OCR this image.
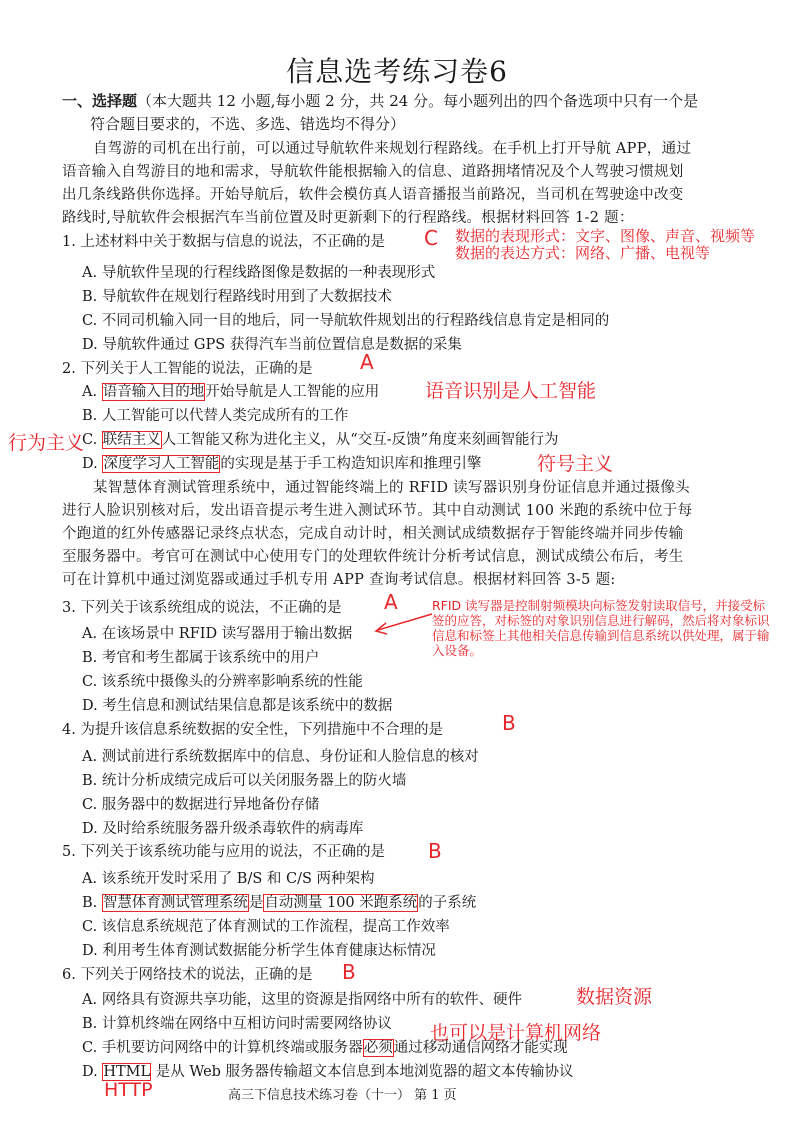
信息选考练习卷6
一、选择题（本大题共 12 小题,每小题 2 分，共 24 分。每小题列出的四个备选项中只有一个是
符合题目要求的，不选、多选、错选均不得分）
自驾游的司机在出行前，可以通过导航软件来规划行程路线。在手机上打开导航 APP，通过
语音输入自驾游目的地和需求，导航软件能根据输入的信息、道路拥堵情况及个人驾驶习惯规划
出几条线路供你选择。开始导航后，软件会模仿真人语音播报当前路况，当司机在驾驶途中改变
路线时,导航软件会根据汽车当前位置及时更新剩下的行程路线。根据材料回答 1-2 题：
1. 上述材料中关于数据与信息的说法，不正确的是 C 数据的表现形式：文字、图像、声音、视频等
数据的表达方式：网络、广播、电视等
A. 导航软件呈现的行程线路图像是数据的一种表现形式
B. 导航软件在规划行程路线时用到了大数据技术
C. 不同司机输入同一目的地后，同一导航软件规划出的行程路线信息肯定是相同的
D. 导航软件通过 GPS 获得汽车当前位置信息是数据的采集
2. 下列关于人工智能的说法，正确的是 A
A. 语音输入目的地开始导航是人工智能的应用 语音识别是人工智能
B. 人工智能可以代替人类完成所有的工作
行为主义
C. 联结主义人工智能又称为进化主义，从“交互-反馈”角度来刻画智能行为
D. 深度学习人工智能的实现是基于手工构造知识库和推理引擎	符号主义
某智慧体育测试管理系统中，通过智能终端上的 RFID 读写器识别身份证信息并通过摄像头
进行人脸识别核对后，发出语音提示考生进入测试环节。其中自动测试 100 米跑的系统中位于每
个跑道的红外传感器记录终点状态，完成自动计时，相关测试成绩数据存于智能终端并同步传输
至服务器中。考官可在测试中心使用专门的处理软件统计分析考试信息，测试成绩公布后，考生
可在计算机中通过浏览器或通过手机专用 APP 查询考试信息。根据材料回答 3-5 题:
3. 下列关于该系统组成的说法，不正确的是 A	RFID 读写器是控制射频模块向标签发射读取信号，并接受标签的应答，对标签的对象识别信息进行解码，然后将对象标识信息和标签上其他相关信息传输到信息系统以供处理，属于输入设备。
A. 在该场景中 RFID 读写器用于输出数据
B. 考官和考生都属于该系统中的用户
C. 该系统中摄像头的分辨率影响系统的性能
D. 考生信息和测试结果信息都是该系统中的数据
4. 为提升该信息系统数据的安全性，下列措施中不合理的是	B
A. 测试前进行系统数据库中的信息、身份证和人脸信息的核对
B. 统计分析成绩完成后可以关闭服务器上的防火墙
C. 服务器中的数据进行异地备份存储
D. 及时给系统服务器升级杀毒软件的病毒库
5. 下列关于该系统功能与应用的说法，不正确的是 B
A. 该系统开发时采用了 B/S 和 C/S 两种架构
B. 智慧体育测试管理系统是自动测量 100 米跑系统的子系统
C. 该信息系统规范了体育测试的工作流程，提高工作效率
D. 利用考生体育测试数据能分析学生体育健康达标情况
6. 下列关于网络技术的说法，正确的是 B
A. 网络具有资源共享功能，这里的资源是指网络中所有的软件、硬件	数据资源
B. 计算机终端在网络中互相访问时需要网络协议 也可以是计算机网络
C. 手机要访问网络中的计算机终端或服务器必须通过移动通信网络才能实现
D. HTML 是从 Web 服务器传输超文本信息到本地浏览器的超文本传输协议
HTTP	高三下信息技术练习卷（十一） 第 1 页
